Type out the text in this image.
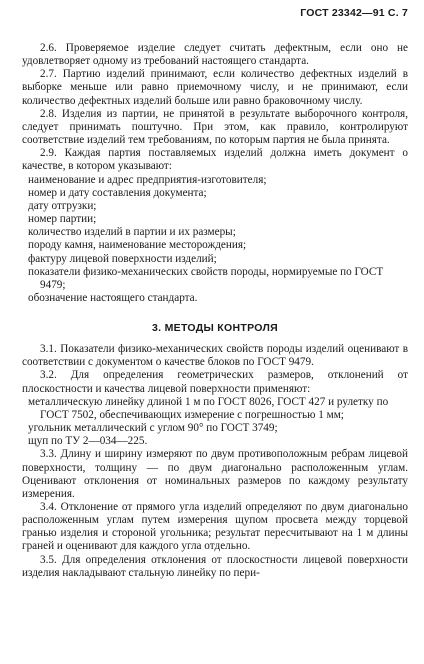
ГОСТ 23342—91 С. 7

2.6. Проверяемое изделие следует считать дефектным, если оно не удовлетворяет одному из требований настоящего стандарта.

2.7. Партию изделий принимают, если количество дефектных изделий в выборке меньше или равно приемочному числу, и не принимают, если количество дефектных изделий больше или равно браковочному числу.

2.8. Изделия из партии, не принятой в результате выборочного контроля, следует принимать поштучно. При этом, как правило, контролируют соответствие изделий тем требованиям, по которым партия не была принята.

2.9. Каждая партия поставляемых изделий должна иметь документ о качестве, в котором указывают:

наименование и адрес предприятия-изготовителя;

номер и дату составления документа;

дату отгрузки;

номер партии;

количество изделий в партии и их размеры;

породу камня, наименование месторождения;

фактуру лицевой поверхности изделий;

показатели физико-механических свойств породы, нормируемые по ГОСТ 9479;

обозначение настоящего стандарта.

3. МЕТОДЫ КОНТРОЛЯ

3.1. Показатели физико-механических свойств породы изделий оценивают в соответствии с документом о качестве блоков по ГОСТ 9479.

3.2. Для определения геометрических размеров, отклонений от плоскостности и качества лицевой поверхности применяют:

металлическую линейку длиной 1 м по ГОСТ 8026, ГОСТ 427 и рулетку по ГОСТ 7502, обеспечивающих измерение с погрешностью 1 мм;

угольник металлический с углом 90° по ГОСТ 3749;

щуп по ТУ 2—034—225.

3.3. Длину и ширину измеряют по двум противоположным ребрам лицевой поверхности, толщину — по двум диагонально расположенным углам. Оценивают отклонения от номинальных размеров по каждому результату измерения.

3.4. Отклонение от прямого угла изделий определяют по двум диагонально расположенным углам путем измерения щупом просвета между торцевой гранью изделия и стороной угольника; результат пересчитывают на 1 м длины граней и оценивают для каждого угла отдельно.

3.5. Для определения отклонения от плоскостности лицевой поверхности изделия накладывают стальную линейку по пери-
